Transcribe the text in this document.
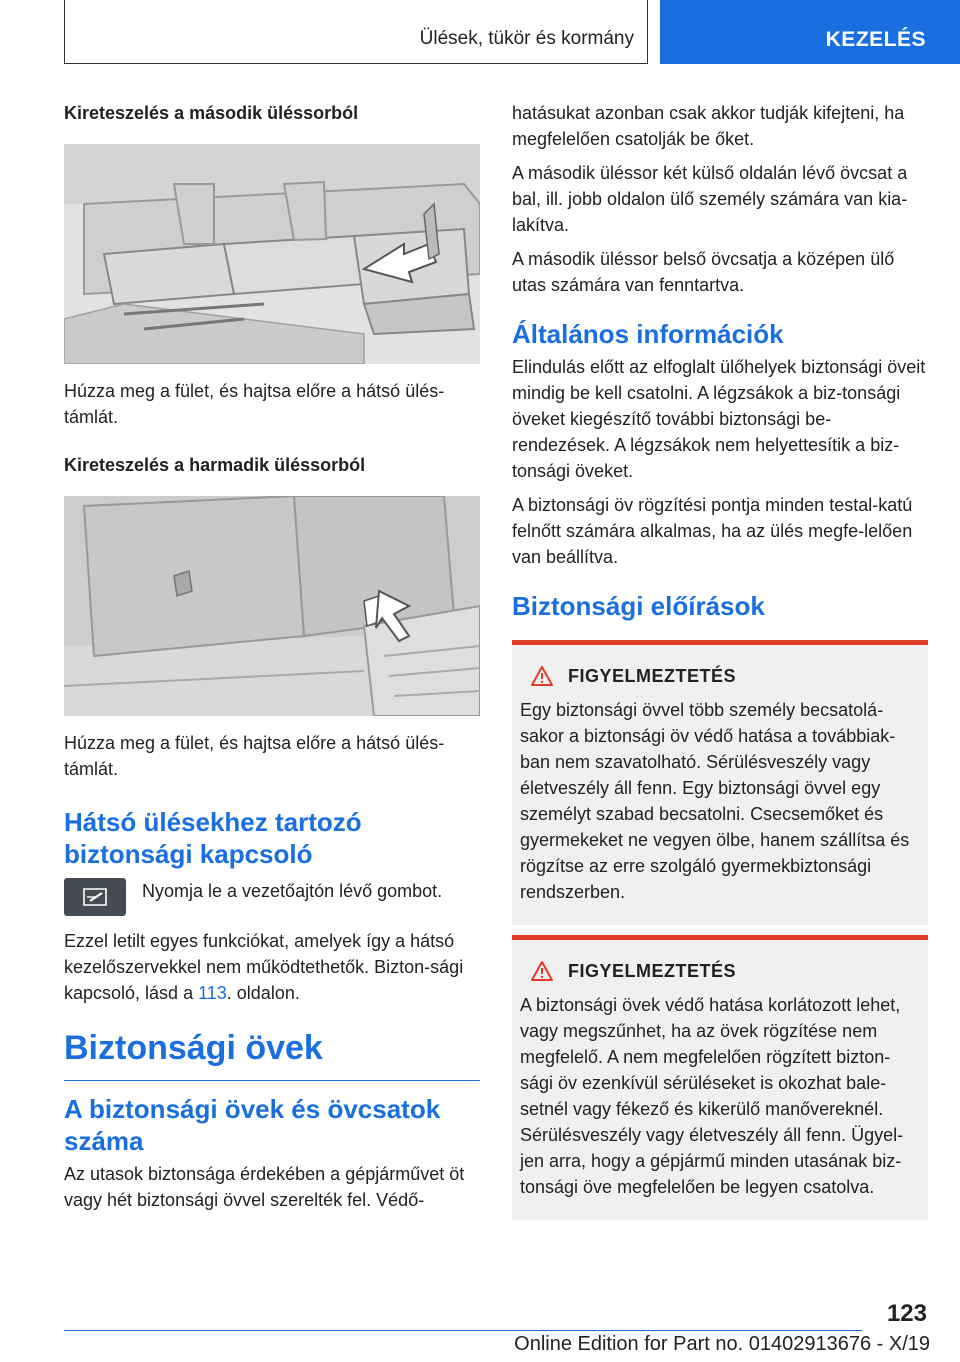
Ülések, tükör és kormány	KEZELÉS
Kireteszelés a második üléssorból

Húzza meg a fület, és hajtsa előre a hátsó ülés-támlát.

Kireteszelés a harmadik üléssorból

Húzza meg a fület, és hajtsa előre a hátsó ülés-támlát.

Hátsó ülésekhez tartozó biztonsági kapcsoló

Nyomja le a vezetőajtón lévő gombot.

Ezzel letilt egyes funkciókat, amelyek így a hátsó kezelőszervekkel nem működtethetők. Bizton-sági kapcsoló, lásd a 113. oldalon.

Biztonsági övek
A biztonsági övek és övcsatok száma

Az utasok biztonsága érdekében a gépjárművet öt vagy hét biztonsági övvel szerelték fel. Védő-

hatásukat azonban csak akkor tudják kifejteni, ha megfelelően csatolják be őket.

A második üléssor két külső oldalán lévő övcsat a bal, ill. jobb oldalon ülő személy számára van kia-lakítva.

A második üléssor belső övcsatja a középen ülő utas számára van fenntartva.

Általános információk

Elindulás előtt az elfoglalt ülőhelyek biztonsági öveit mindig be kell csatolni. A légzsákok a biz-tonsági öveket kiegészítő további biztonsági be-rendezések. A légzsákok nem helyettesítik a biz-tonsági öveket.

A biztonsági öv rögzítési pontja minden testal-katú felnőtt számára alkalmas, ha az ülés megfe-lelően van beállítva.

Biztonsági előírások
FIGYELMEZTETÉS

Egy biztonsági övvel több személy becsatolá-sakor a biztonsági öv védő hatása a továbbiak-ban nem szavatolható. Sérülésveszély vagy életveszély áll fenn. Egy biztonsági övvel egy személyt szabad becsatolni. Csecsemőket és gyermekeket ne vegyen ölbe, hanem szállítsa és rögzítse az erre szolgáló gyermekbiztonsági rendszerben.

FIGYELMEZTETÉS

A biztonsági övek védő hatása korlátozott lehet, vagy megszűnhet, ha az övek rögzítése nem megfelelő. A nem megfelelően rögzített bizton-sági öv ezenkívül sérüléseket is okozhat bale-setnél vagy fékező és kikerülő manővereknél. Sérülésveszély vagy életveszély áll fenn. Ügyel-jen arra, hogy a gépjármű minden utasának biz-tonsági öve megfelelően be legyen csatolva.

123
Online Edition for Part no. 01402913676 - X/19
